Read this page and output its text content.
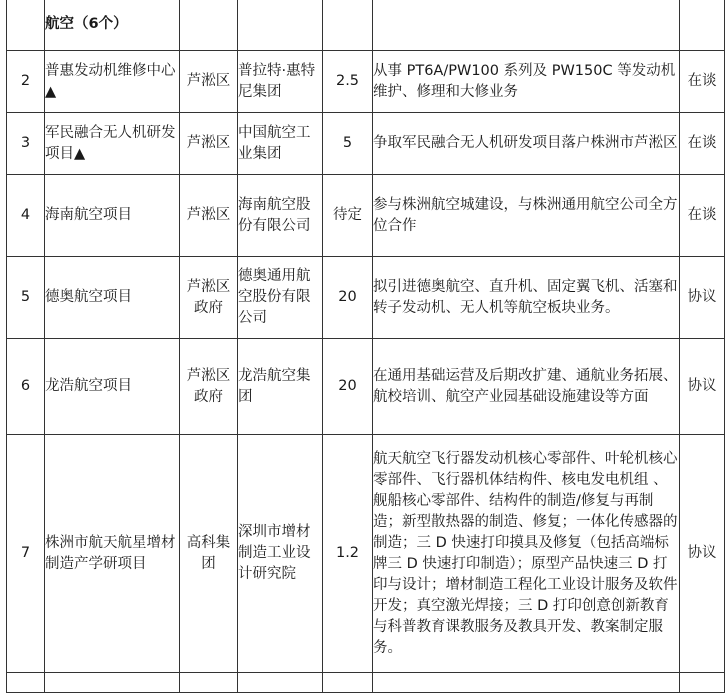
	航空（6个）					
2	普惠发动机维修中心▲	芦淞区	普拉特·惠特尼集团	2.5	从事 PT6A/PW100 系列及 PW150C 等发动机维护、修理和大修业务	在谈
3	军民融合无人机研发项目▲	芦淞区	中国航空工业集团	5	争取军民融合无人机研发项目落户株洲市芦淞区	在谈
4	海南航空项目	芦淞区	海南航空股份有限公司	待定	参与株洲航空城建设，与株洲通用航空公司全方位合作	在谈
5	德奥航空项目	芦淞区政府	德奥通用航空股份有限公司	20	拟引进德奥航空、直升机、固定翼飞机、活塞和转子发动机、无人机等航空板块业务。	协议
6	龙浩航空项目	芦淞区政府	龙浩航空集团	20	在通用基础运营及后期改扩建、通航业务拓展、航校培训、航空产业园基础设施建设等方面	协议
7	株洲市航天航星增材制造产学研项目	高科集团	深圳市增材制造工业设计研究院	1.2	航天航空飞行器发动机核心零部件、叶轮机核心零部件、飞行器机体结构件、核电发电机组 、舰船核心零部件、结构件的制造/修复与再制造；新型散热器的制造、修复；一体化传感器的制造；三 D 快速打印摸具及修复（包括高端标牌三 D 快速打印制造）；原型产品快速三 D 打印与设计；增材制造工程化工业设计服务及软件开发；真空激光焊接；三 D 打印创意创新教育与科普教育课教服务及教具开发、教案制定服务。	协议
